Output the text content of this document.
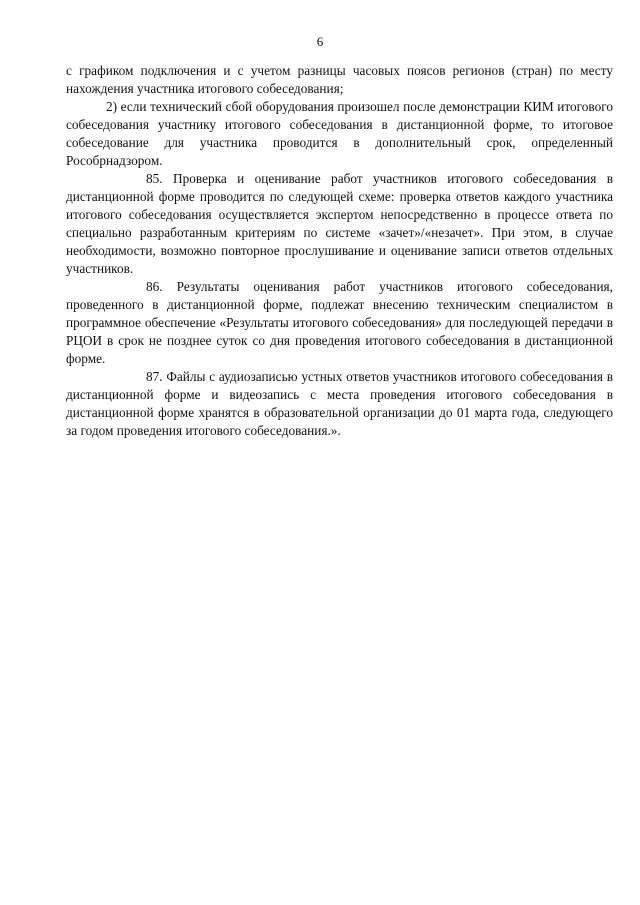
6

с графиком подключения и с учетом разницы часовых поясов регионов (стран) по месту нахождения участника итогового собеседования;

2) если технический сбой оборудования произошел после демонстрации КИМ итогового собеседования участнику итогового собеседования в дистанционной форме, то итоговое собеседование для участника проводится в дополнительный срок, определенный Рособрнадзором.

85. Проверка и оценивание работ участников итогового собеседования в дистанционной форме проводится по следующей схеме: проверка ответов каждого участника итогового собеседования осуществляется экспертом непосредственно в процессе ответа по специально разработанным критериям по системе «зачет»/«незачет». При этом, в случае необходимости, возможно повторное прослушивание и оценивание записи ответов отдельных участников.

86. Результаты оценивания работ участников итогового собеседования, проведенного в дистанционной форме, подлежат внесению техническим специалистом в программное обеспечение «Результаты итогового собеседования» для последующей передачи в РЦОИ в срок не позднее суток со дня проведения итогового собеседования в дистанционной форме.

87. Файлы с аудиозаписью устных ответов участников итогового собеседования в дистанционной форме и видеозапись с места проведения итогового собеседования в дистанционной форме хранятся в образовательной организации до 01 марта года, следующего за годом проведения итогового собеседования.».
